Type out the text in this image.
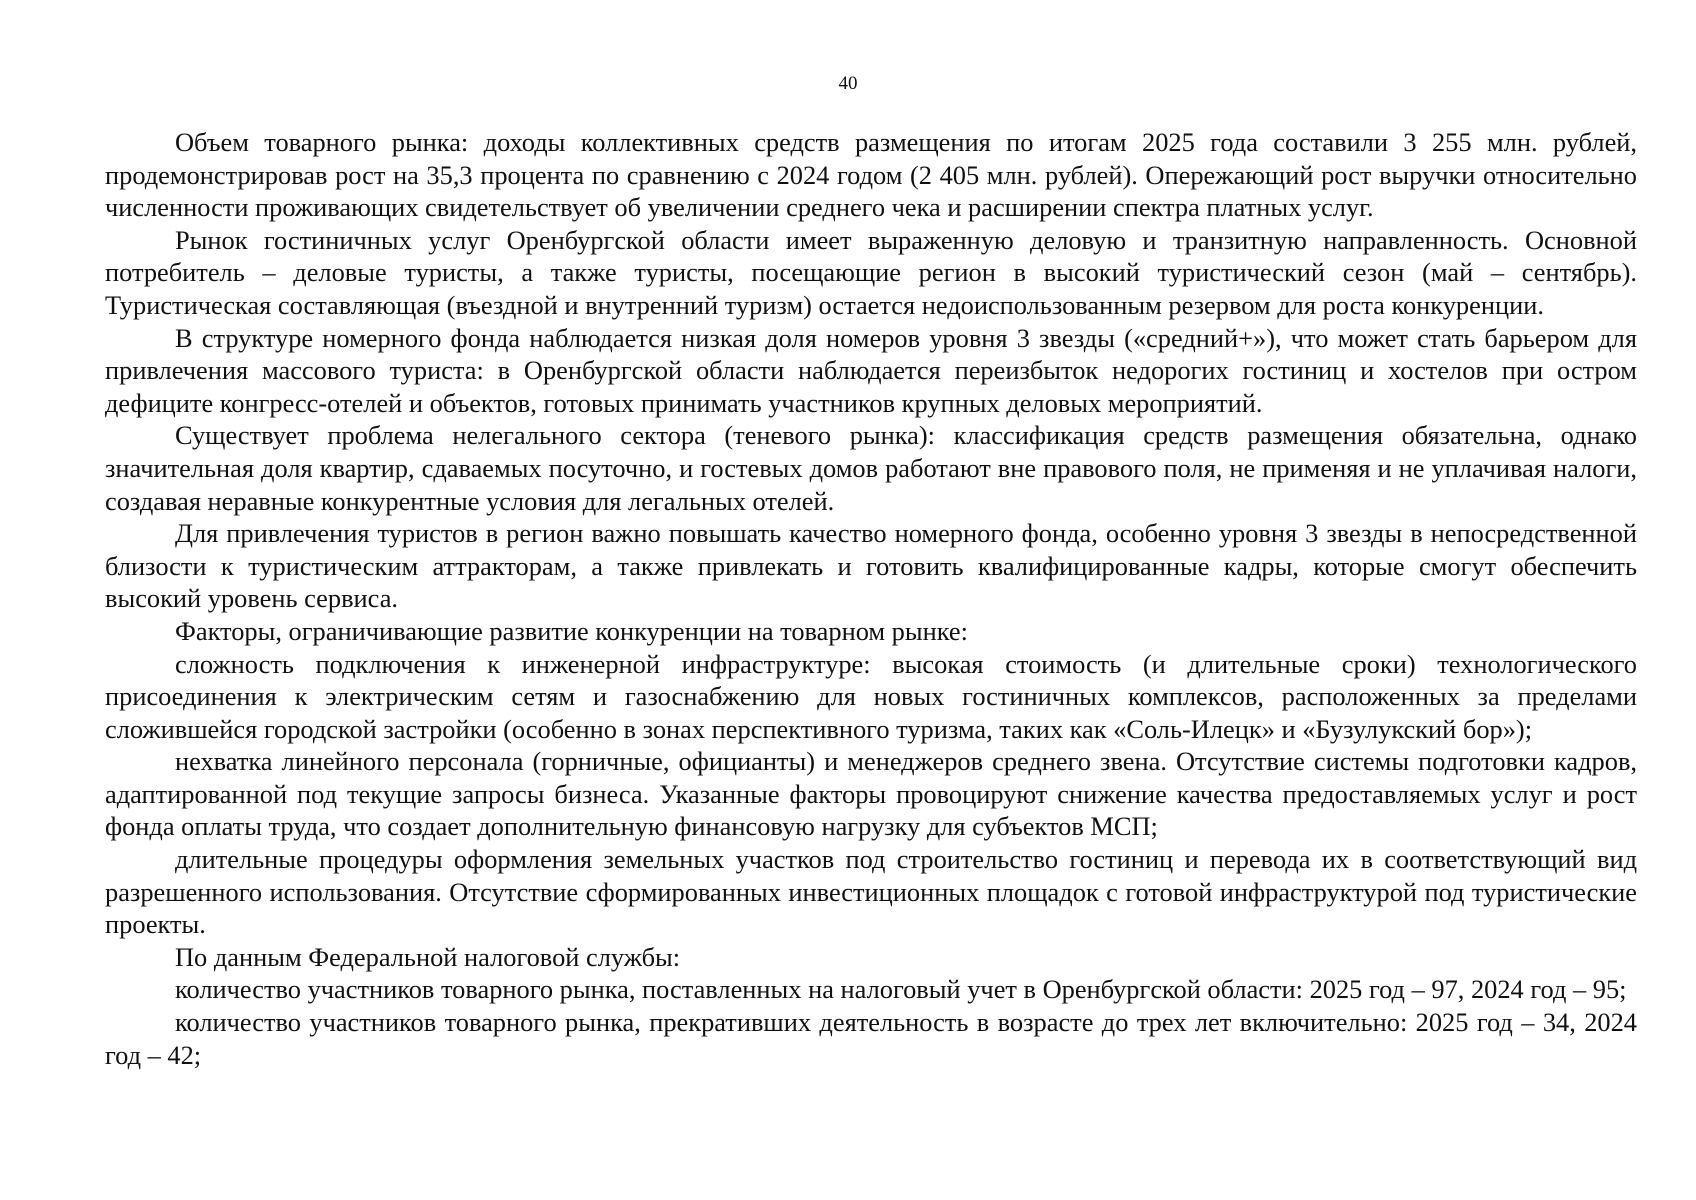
40

Объем товарного рынка: доходы коллективных средств размещения по итогам 2025 года составили 3 255 млн. рублей, продемонстрировав рост на 35,3 процента по сравнению с 2024 годом (2 405 млн. рублей). Опережающий рост выручки относительно численности проживающих свидетельствует об увеличении среднего чека и расширении спектра платных услуг.

Рынок гостиничных услуг Оренбургской области имеет выраженную деловую и транзитную направленность. Основной потребитель – деловые туристы, а также туристы, посещающие регион в высокий туристический сезон (май – сентябрь). Туристическая составляющая (въездной и внутренний туризм) остается недоиспользованным резервом для роста конкуренции.

В структуре номерного фонда наблюдается низкая доля номеров уровня 3 звезды («средний+»), что может стать барьером для привлечения массового туриста: в Оренбургской области наблюдается переизбыток недорогих гостиниц и хостелов при остром дефиците конгресс-отелей и объектов, готовых принимать участников крупных деловых мероприятий.

Существует проблема нелегального сектора (теневого рынка): классификация средств размещения обязательна, однако значительная доля квартир, сдаваемых посуточно, и гостевых домов работают вне правового поля, не применяя и не уплачивая налоги, создавая неравные конкурентные условия для легальных отелей.

Для привлечения туристов в регион важно повышать качество номерного фонда, особенно уровня 3 звезды в непосредственной близости к туристическим аттракторам, а также привлекать и готовить квалифицированные кадры, которые смогут обеспечить высокий уровень сервиса.

Факторы, ограничивающие развитие конкуренции на товарном рынке:

сложность подключения к инженерной инфраструктуре: высокая стоимость (и длительные сроки) технологического присоединения к электрическим сетям и газоснабжению для новых гостиничных комплексов, расположенных за пределами сложившейся городской застройки (особенно в зонах перспективного туризма, таких как «Соль-Илецк» и «Бузулукский бор»);

нехватка линейного персонала (горничные, официанты) и менеджеров среднего звена. Отсутствие системы подготовки кадров, адаптированной под текущие запросы бизнеса. Указанные факторы провоцируют снижение качества предоставляемых услуг и рост фонда оплаты труда, что создает дополнительную финансовую нагрузку для субъектов МСП;

длительные процедуры оформления земельных участков под строительство гостиниц и перевода их в соответствующий вид разрешенного использования. Отсутствие сформированных инвестиционных площадок с готовой инфраструктурой под туристические проекты.

По данным Федеральной налоговой службы:

количество участников товарного рынка, поставленных на налоговый учет в Оренбургской области: 2025 год – 97, 2024 год – 95;

количество участников товарного рынка, прекративших деятельность в возрасте до трех лет включительно: 2025 год – 34, 2024 год – 42;
